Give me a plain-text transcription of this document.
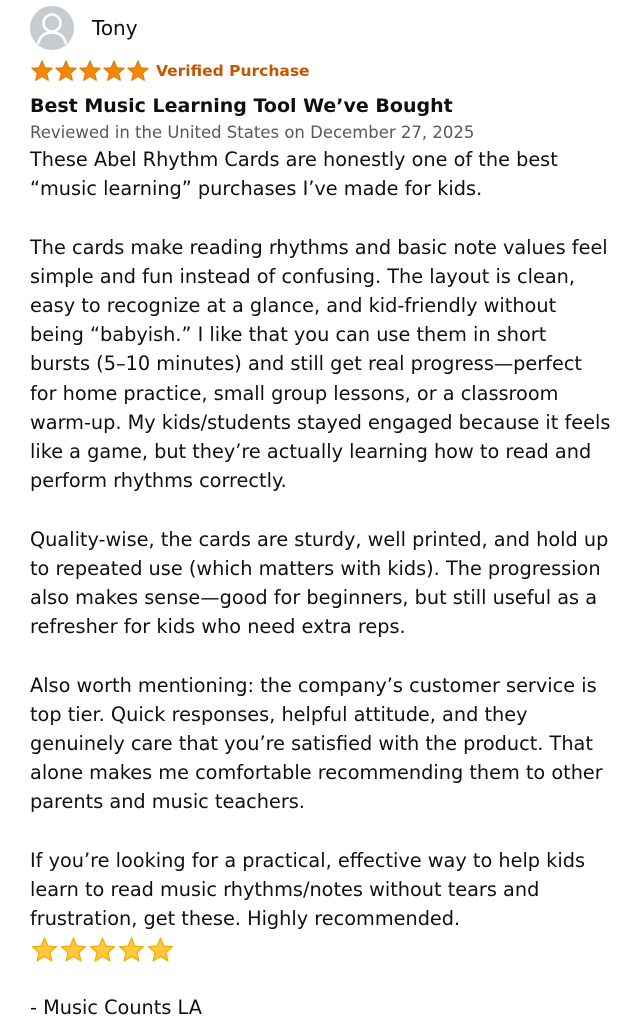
Tony
Verified Purchase
Best Music Learning Tool We’ve Bought
Reviewed in the United States on December 27, 2025

These Abel Rhythm Cards are honestly one of the best “music learning” purchases I’ve made for kids.

The cards make reading rhythms and basic note values feel simple and fun instead of confusing. The layout is clean, easy to recognize at a glance, and kid-friendly without being “babyish.” I like that you can use them in short bursts (5–10 minutes) and still get real progress—perfect for home practice, small group lessons, or a classroom warm-up. My kids/students stayed engaged because it feels like a game, but they’re actually learning how to read and perform rhythms correctly.

Quality-wise, the cards are sturdy, well printed, and hold up to repeated use (which matters with kids). The progression also makes sense—good for beginners, but still useful as a refresher for kids who need extra reps.

Also worth mentioning: the company’s customer service is top tier. Quick responses, helpful attitude, and they genuinely care that you’re satisfied with the product. That alone makes me comfortable recommending them to other parents and music teachers.

If you’re looking for a practical, effective way to help kids learn to read music rhythms/notes without tears and frustration, get these. Highly recommended.

- Music Counts LA
